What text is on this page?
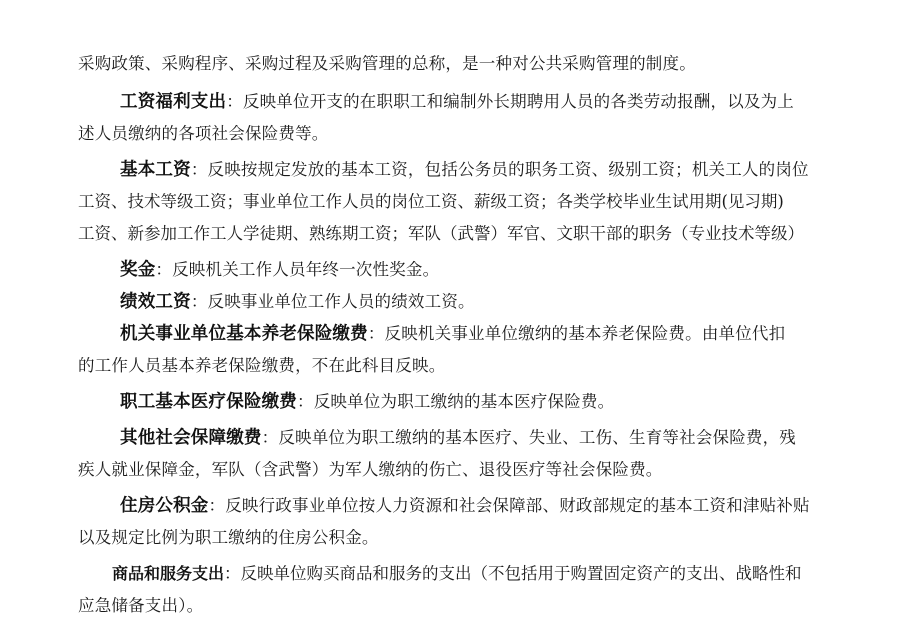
采购政策、采购程序、采购过程及采购管理的总称，是一种对公共采购管理的制度。
工资福利支出：反映单位开支的在职职工和编制外长期聘用人员的各类劳动报酬，以及为上
述人员缴纳的各项社会保险费等。
基本工资：反映按规定发放的基本工资，包括公务员的职务工资、级别工资；机关工人的岗位
工资、技术等级工资；事业单位工作人员的岗位工资、薪级工资；各类学校毕业生试用期(见习期)
工资、新参加工作工人学徒期、熟练期工资；军队（武警）军官、文职干部的职务（专业技术等级）
奖金：反映机关工作人员年终一次性奖金。
绩效工资：反映事业单位工作人员的绩效工资。
机关事业单位基本养老保险缴费：反映机关事业单位缴纳的基本养老保险费。由单位代扣
的工作人员基本养老保险缴费，不在此科目反映。
职工基本医疗保险缴费：反映单位为职工缴纳的基本医疗保险费。
其他社会保障缴费：反映单位为职工缴纳的基本医疗、失业、工伤、生育等社会保险费，残
疾人就业保障金，军队（含武警）为军人缴纳的伤亡、退役医疗等社会保险费。
住房公积金：反映行政事业单位按人力资源和社会保障部、财政部规定的基本工资和津贴补贴
以及规定比例为职工缴纳的住房公积金。
商品和服务支出：反映单位购买商品和服务的支出（不包括用于购置固定资产的支出、战略性和
应急储备支出）。
